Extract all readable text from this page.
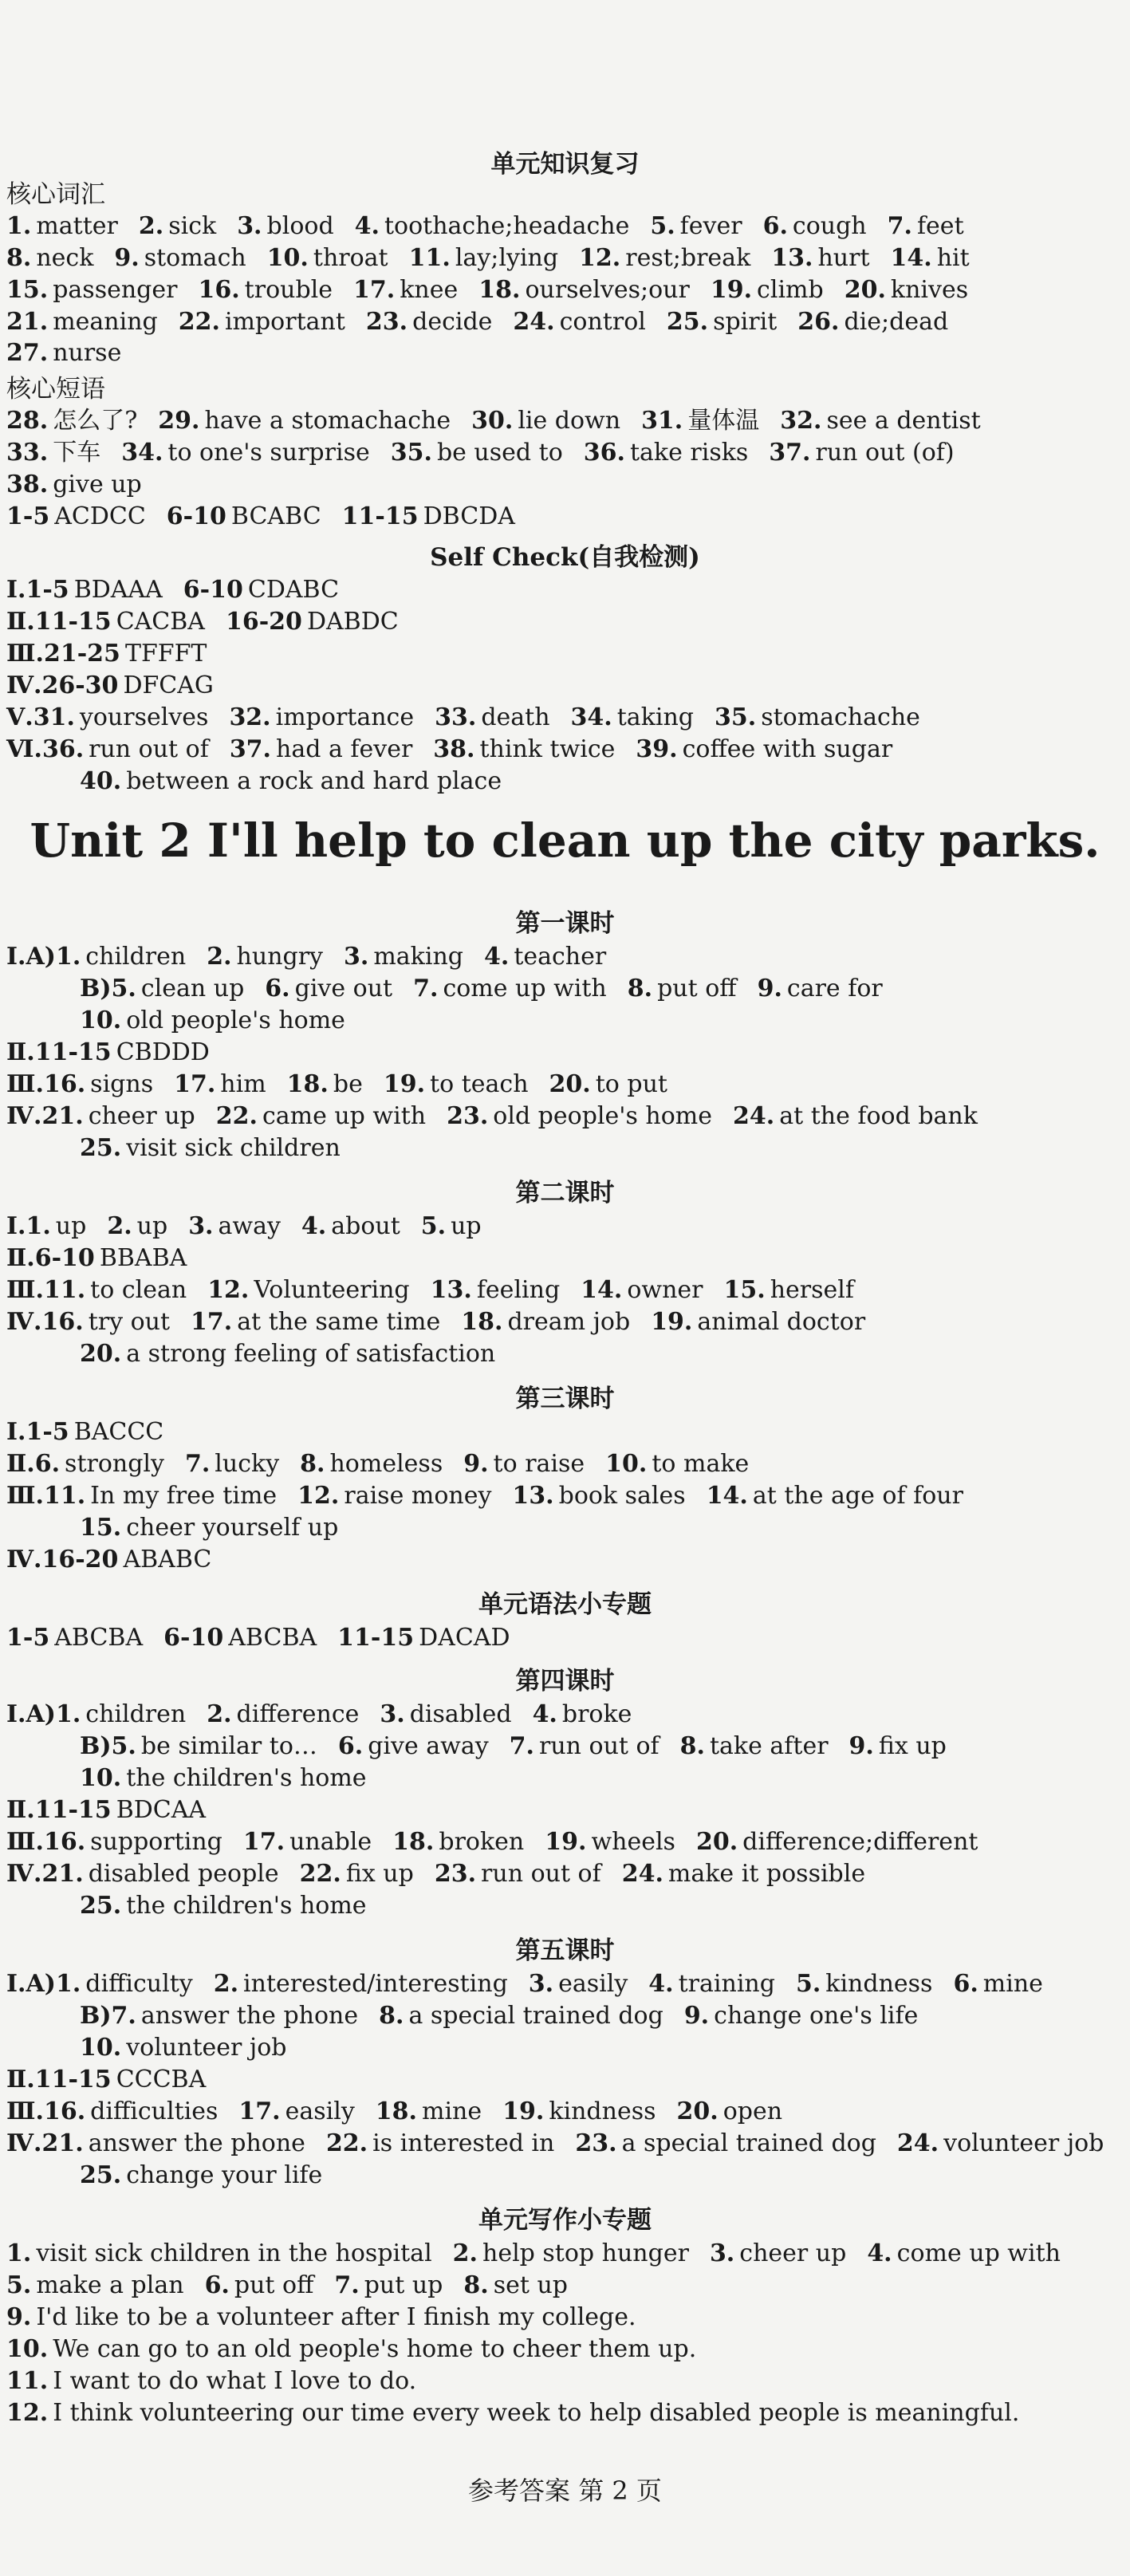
单元知识复习
核心词汇
1. matter 2. sick 3. blood 4. toothache;headache 5. fever 6. cough 7. feet
8. neck 9. stomach 10. throat 11. lay;lying 12. rest;break 13. hurt 14. hit
15. passenger 16. trouble 17. knee 18. ourselves;our 19. climb 20. knives
21. meaning 22. important 23. decide 24. control 25. spirit 26. die;dead
27. nurse
核心短语
28. 怎么了? 29. have a stomachache 30. lie down 31. 量体温 32. see a dentist
33. 下车 34. to one's surprise 35. be used to 36. take risks 37. run out (of)
38. give up
1-5 ACDCC 6-10 BCABC 11-15 DBCDA
Self Check(自我检测)
Ⅰ.1-5 BDAAA 6-10 CDABC
Ⅱ.11-15 CACBA 16-20 DABDC
Ⅲ.21-25 TFFFT
Ⅳ.26-30 DFCAG
Ⅴ.31. yourselves 32. importance 33. death 34. taking 35. stomachache
Ⅵ.36. run out of 37. had a fever 38. think twice 39. coffee with sugar
40. between a rock and hard place
Unit 2 I'll help to clean up the city parks.
第一课时
Ⅰ.A)1. children 2. hungry 3. making 4. teacher
B)5. clean up 6. give out 7. come up with 8. put off 9. care for
10. old people's home
Ⅱ.11-15 CBDDD
Ⅲ.16. signs 17. him 18. be 19. to teach 20. to put
Ⅳ.21. cheer up 22. came up with 23. old people's home 24. at the food bank
25. visit sick children
第二课时
Ⅰ.1. up 2. up 3. away 4. about 5. up
Ⅱ.6-10 BBABA
Ⅲ.11. to clean 12. Volunteering 13. feeling 14. owner 15. herself
Ⅳ.16. try out 17. at the same time 18. dream job 19. animal doctor
20. a strong feeling of satisfaction
第三课时
Ⅰ.1-5 BACCC
Ⅱ.6. strongly 7. lucky 8. homeless 9. to raise 10. to make
Ⅲ.11. In my free time 12. raise money 13. book sales 14. at the age of four
15. cheer yourself up
Ⅳ.16-20 ABABC
单元语法小专题
1-5 ABCBA 6-10 ABCBA 11-15 DACAD
第四课时
Ⅰ.A)1. children 2. difference 3. disabled 4. broke
B)5. be similar to… 6. give away 7. run out of 8. take after 9. fix up
10. the children's home
Ⅱ.11-15 BDCAA
Ⅲ.16. supporting 17. unable 18. broken 19. wheels 20. difference;different
Ⅳ.21. disabled people 22. fix up 23. run out of 24. make it possible
25. the children's home
第五课时
Ⅰ.A)1. difficulty 2. interested/interesting 3. easily 4. training 5. kindness 6. mine
B)7. answer the phone 8. a special trained dog 9. change one's life
10. volunteer job
Ⅱ.11-15 CCCBA
Ⅲ.16. difficulties 17. easily 18. mine 19. kindness 20. open
Ⅳ.21. answer the phone 22. is interested in 23. a special trained dog 24. volunteer job
25. change your life
单元写作小专题
1. visit sick children in the hospital 2. help stop hunger 3. cheer up 4. come up with
5. make a plan 6. put off 7. put up 8. set up
9. I'd like to be a volunteer after I finish my college.
10. We can go to an old people's home to cheer them up.
11. I want to do what I love to do.
12. I think volunteering our time every week to help disabled people is meaningful.
参考答案 第 2 页
